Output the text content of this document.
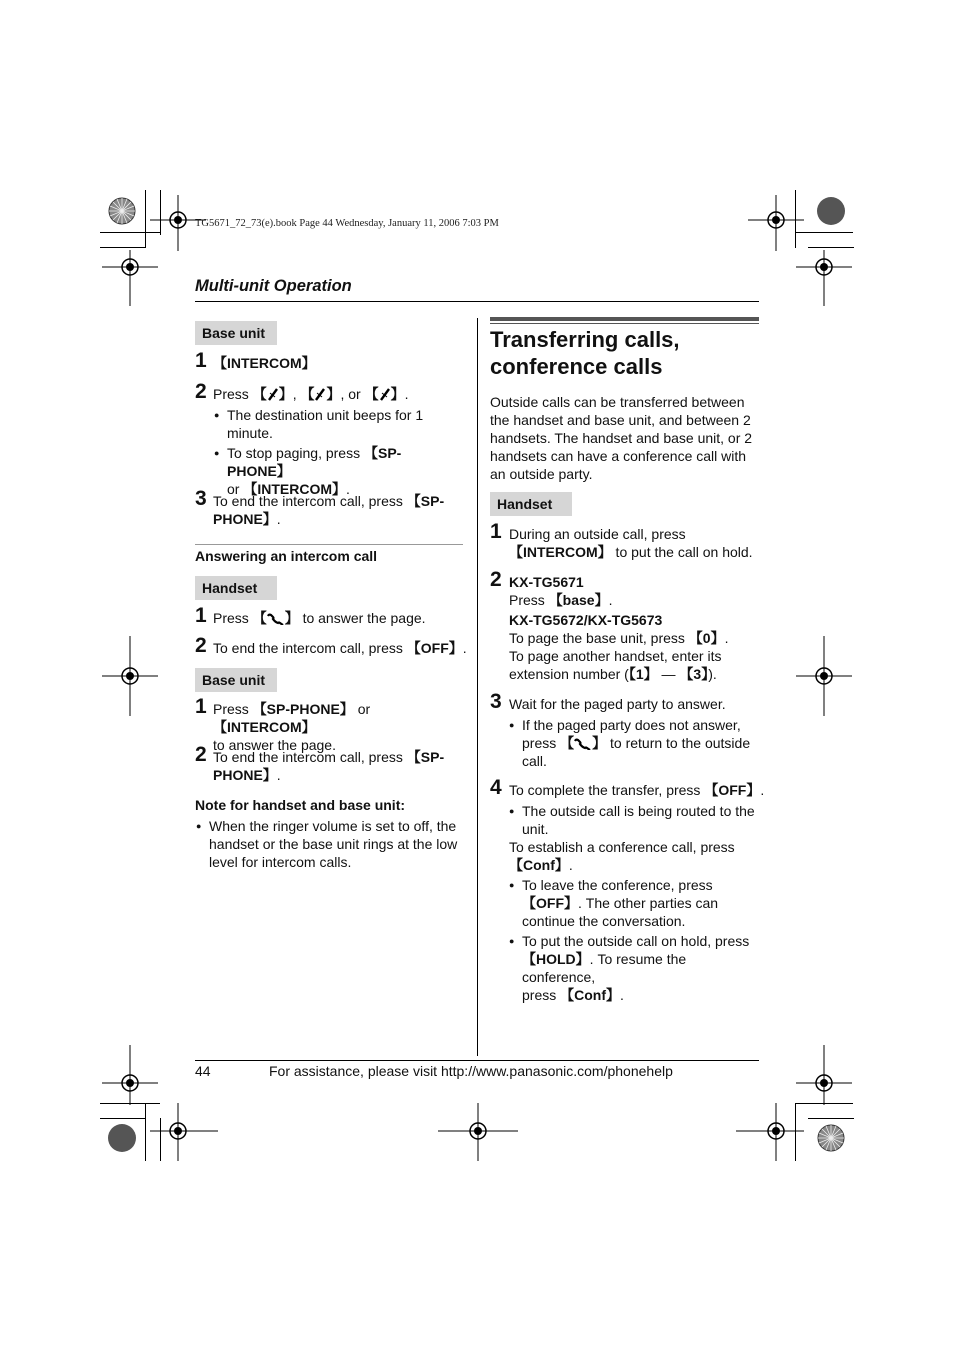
TG5671_72_73(e).book Page 44 Wednesday, January 11, 2006 7:03 PM
Multi-unit Operation
Base unit
1 【INTERCOM】
2 Press 【 】, 【 】, or 【 】.
● The destination unit beeps for 1 minute.
● To stop paging, press 【SP-PHONE】
or 【INTERCOM】.
3 To end the intercom call, press 【SP-
PHONE】.
Answering an intercom call
Handset
1 Press 【 】 to answer the page.
2 To end the intercom call, press 【OFF】.
Base unit
1 Press 【SP-PHONE】 or 【INTERCOM】
to answer the page.
2 To end the intercom call, press 【SP-
PHONE】.
Note for handset and base unit:
● When the ringer volume is set to off, the handset or the base unit rings at the low level for intercom calls.
Transferring calls,
conference calls
Outside calls can be transferred between the handset and base unit, and between 2 handsets. The handset and base unit, or 2 handsets can have a conference call with an outside party.
Handset
1 During an outside call, press
【INTERCOM】 to put the call on hold.
2 KX-TG5671
Press 【base】.
KX-TG5672/KX-TG5673
To page the base unit, press 【0】.
To page another handset, enter its
extension number (【1】 — 【3】).
3 Wait for the paged party to answer.
● If the paged party does not answer,
press 【 】 to return to the outside
call.
4 To complete the transfer, press 【OFF】.
● The outside call is being routed to the unit.
To establish a conference call, press
【Conf】.
● To leave the conference, press
【OFF】. The other parties can
continue the conversation.
● To put the outside call on hold, press
【HOLD】. To resume the conference,
press 【Conf】.
44	For assistance, please visit http://www.panasonic.com/phonehelp
